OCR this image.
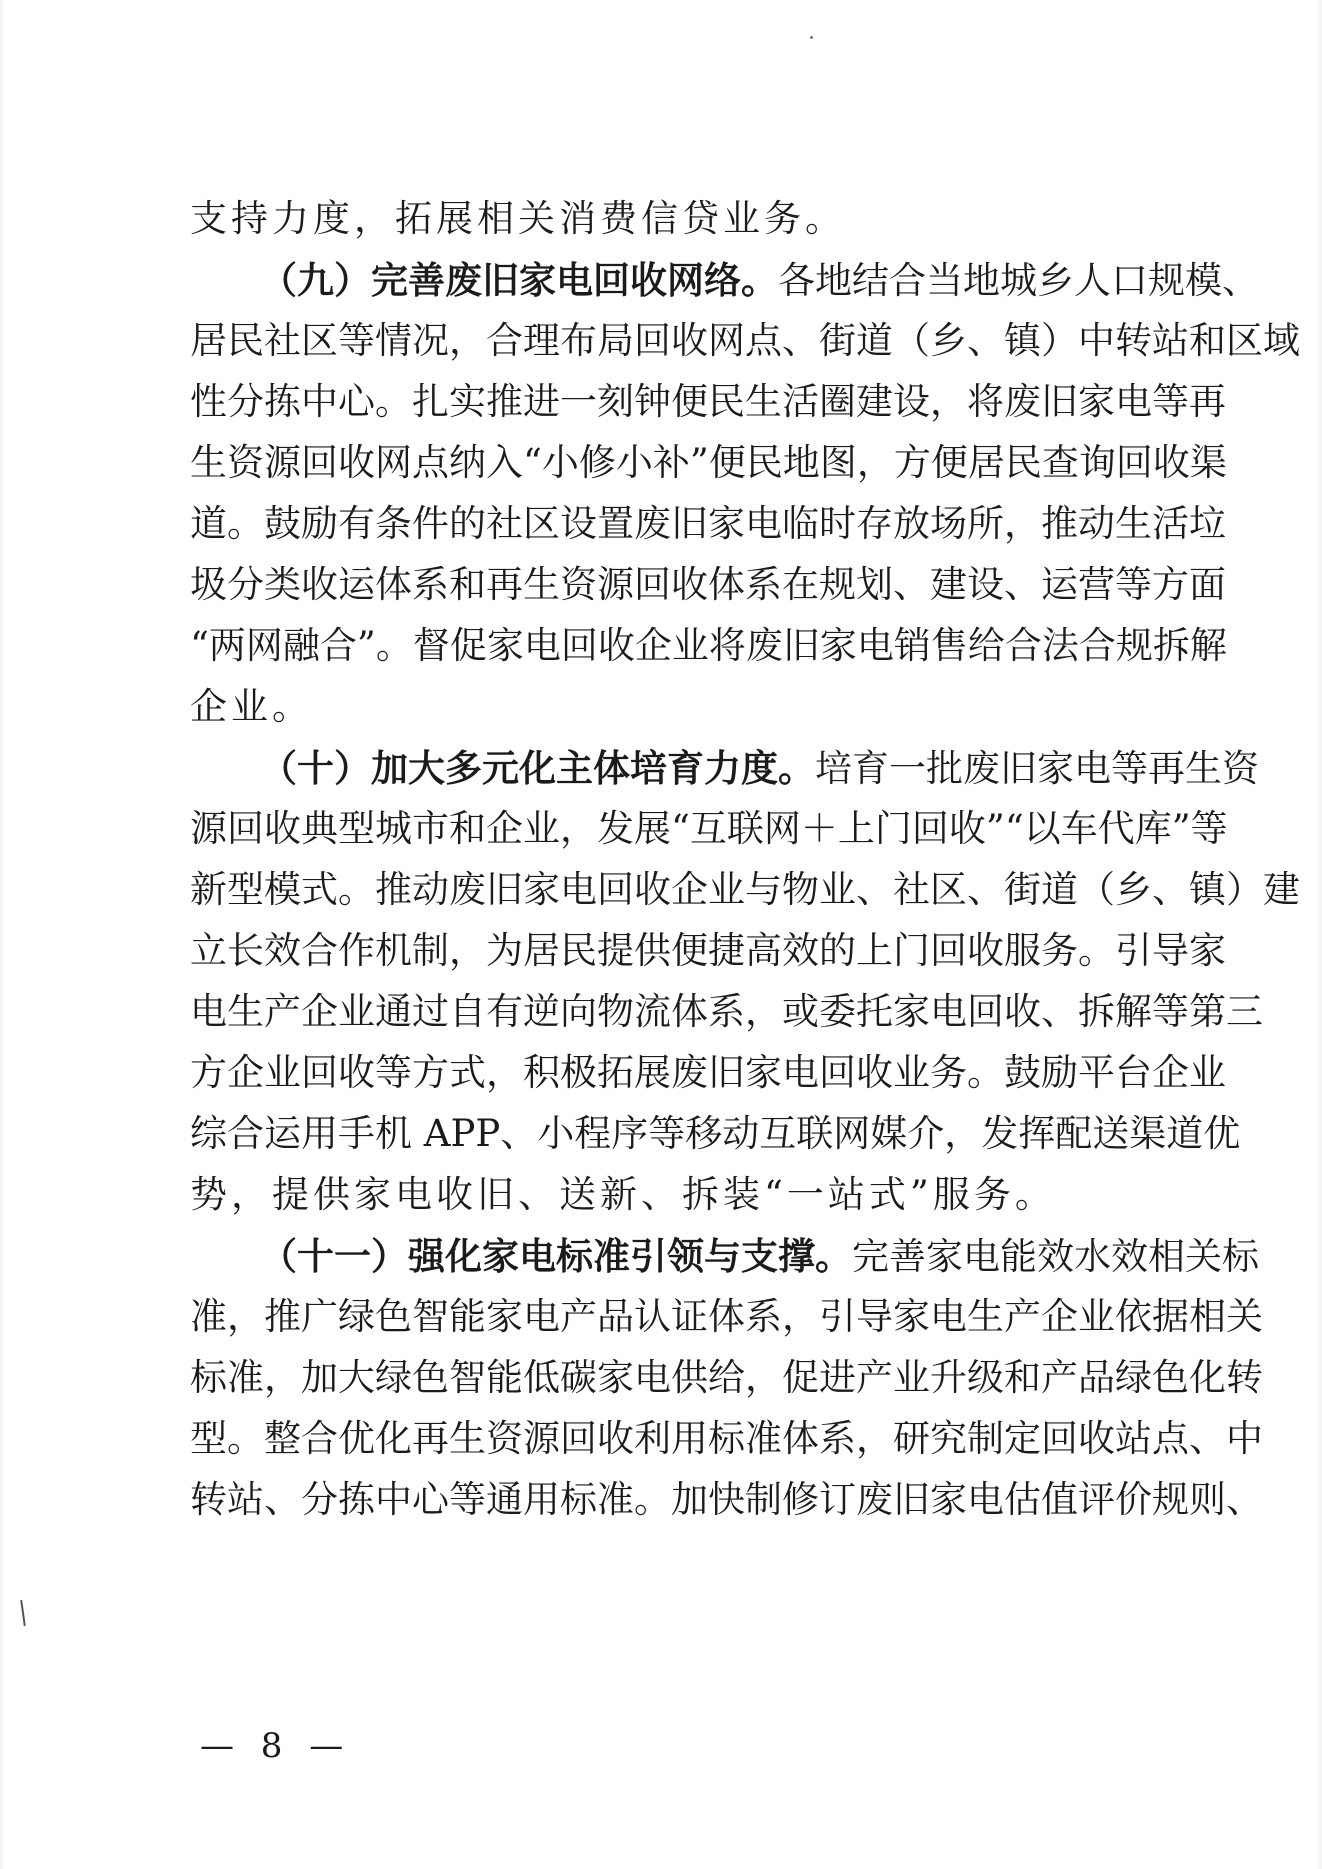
支持力度，拓展相关消费信贷业务。
（九）完善废旧家电回收网络。各地结合当地城乡人口规模、
居民社区等情况，合理布局回收网点、街道（乡、镇）中转站和区域
性分拣中心。扎实推进一刻钟便民生活圈建设，将废旧家电等再
生资源回收网点纳入“小修小补”便民地图，方便居民查询回收渠
道。鼓励有条件的社区设置废旧家电临时存放场所，推动生活垃
圾分类收运体系和再生资源回收体系在规划、建设、运营等方面
“两网融合”。督促家电回收企业将废旧家电销售给合法合规拆解
企业。
（十）加大多元化主体培育力度。培育一批废旧家电等再生资
源回收典型城市和企业，发展“互联网＋上门回收”“以车代库”等
新型模式。推动废旧家电回收企业与物业、社区、街道（乡、镇）建
立长效合作机制，为居民提供便捷高效的上门回收服务。引导家
电生产企业通过自有逆向物流体系，或委托家电回收、拆解等第三
方企业回收等方式，积极拓展废旧家电回收业务。鼓励平台企业
综合运用手机 APP、小程序等移动互联网媒介，发挥配送渠道优
势，提供家电收旧、送新、拆装“一站式”服务。
（十一）强化家电标准引领与支撑。完善家电能效水效相关标
准，推广绿色智能家电产品认证体系，引导家电生产企业依据相关
标准，加大绿色智能低碳家电供给，促进产业升级和产品绿色化转
型。整合优化再生资源回收利用标准体系，研究制定回收站点、中
转站、分拣中心等通用标准。加快制修订废旧家电估值评价规则、
— 8 —
